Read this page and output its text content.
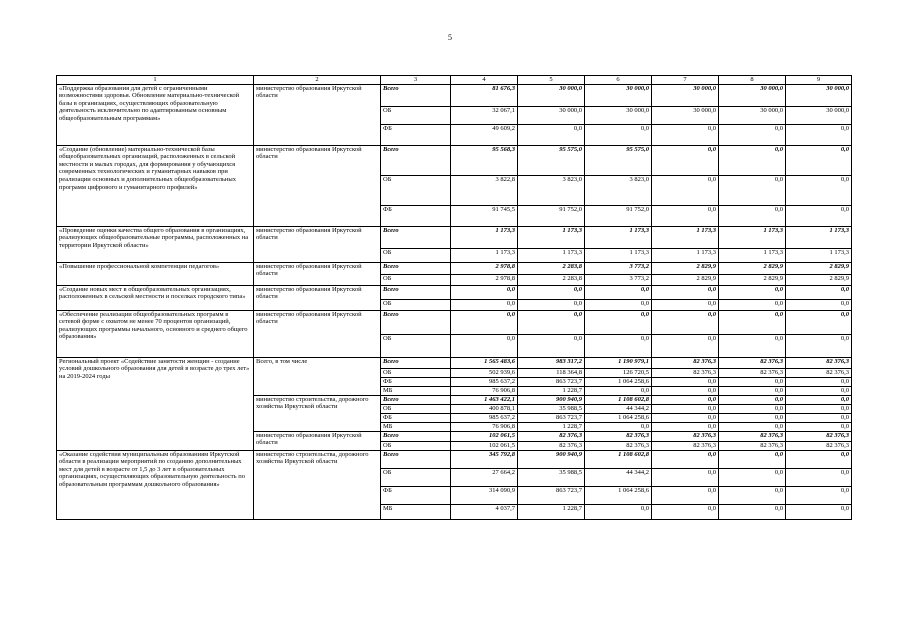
5
1	2	3	4	5	6	7	8	9
«Поддержка образования для детей с ограниченными возможностями здоровья. Обновление материально-технической базы в организациях, осуществляющих образовательную деятельность исключительно по адаптированным основным общеобразовательным программам»	министерство образования Иркутской области	Всего	81 676,3	30 000,0	30 000,0	30 000,0	30 000,0	30 000,0
		ОБ	32 067,1	30 000,0	30 000,0	30 000,0	30 000,0	30 000,0
		ФБ	49 609,2	0,0	0,0	0,0	0,0	0,0
«Создание (обновление) материально-технической базы общеобразовательных организаций, расположенных в сельской местности и малых городах, для формирования у обучающихся современных технологических и гуманитарных навыков при реализации основных и дополнительных общеобразовательных программ цифрового и гуманитарного профилей»	министерство образования Иркутской области	Всего	95 568,3	95 575,0	95 575,0	0,0	0,0	0,0
		ОБ	3 822,8	3 823,0	3 823,0	0,0	0,0	0,0
		ФБ	91 745,5	91 752,0	91 752,0	0,0	0,0	0,0
«Проведение оценки качества общего образования в организациях, реализующих общеобразовательные программы, расположенных на территории Иркутской области»	министерство образования Иркутской области	Всего	1 173,3	1 173,3	1 173,3	1 173,3	1 173,3	1 173,3
		ОБ	1 173,3	1 173,3	1 173,3	1 173,3	1 173,3	1 173,3
«Повышение профессиональной компетенции педагогов»	министерство образования Иркутской области	Всего	2 978,8	2 283,8	3 773,2	2 829,9	2 829,9	2 829,9
		ОБ	2 978,8	2 283,8	3 773,2	2 829,9	2 829,9	2 829,9
«Создание новых мест в общеобразовательных организациях, расположенных в сельской местности и поселках городского типа»	министерство образования Иркутской области	Всего	0,0	0,0	0,0	0,0	0,0	0,0
		ОБ	0,0	0,0	0,0	0,0	0,0	0,0
«Обеспечение реализации общеобразовательных программ в сетевой форме с охватом не менее 70 процентов организаций, реализующих программы начального, основного и среднего общего образования»	министерство образования Иркутской области	Всего	0,0	0,0	0,0	0,0	0,0	0,0
		ОБ	0,0	0,0	0,0	0,0	0,0	0,0
Региональный проект «Содействие занятости женщин - создание условий дошкольного образования для детей в возрасте до трех лет» на 2019-2024 годы	Всего, в том числе	Всего	1 565 483,6	983 317,2	1 190 979,1	82 376,3	82 376,3	82 376,3
		ОБ	502 939,6	118 364,8	126 720,5	82 376,3	82 376,3	82 376,3
		ФБ	985 637,2	863 723,7	1 064 258,6	0,0	0,0	0,0
		МБ	76 906,8	1 228,7	0,0	0,0	0,0	0,0
	министерство строительства, дорожного хозяйства Иркутской области	Всего	1 463 422,1	900 940,9	1 108 602,8	0,0	0,0	0,0
		ОБ	400 878,1	35 988,5	44 344,2	0,0	0,0	0,0
		ФБ	985 637,2	863 723,7	1 064 258,6	0,0	0,0	0,0
		МБ	76 906,8	1 228,7	0,0	0,0	0,0	0,0
	министерство образования Иркутской области	Всего	102 061,5	82 376,3	82 376,3	82 376,3	82 376,3	82 376,3
		ОБ	102 061,5	82 376,3	82 376,3	82 376,3	82 376,3	82 376,3
«Оказание содействия муниципальным образованиям Иркутской области в реализации мероприятий по созданию дополнительных мест для детей в возрасте от 1,5 до 3 лет в образовательных организациях, осуществляющих образовательную деятельность по образовательным программам дошкольного образования»	министерство строительства, дорожного хозяйства Иркутской области	Всего	345 792,8	900 940,9	1 108 602,8	0,0	0,0	0,0
		ОБ	27 664,2	35 988,5	44 344,2	0,0	0,0	0,0
		ФБ	314 090,9	863 723,7	1 064 258,6	0,0	0,0	0,0
		МБ	4 037,7	1 228,7	0,0	0,0	0,0	0,0
